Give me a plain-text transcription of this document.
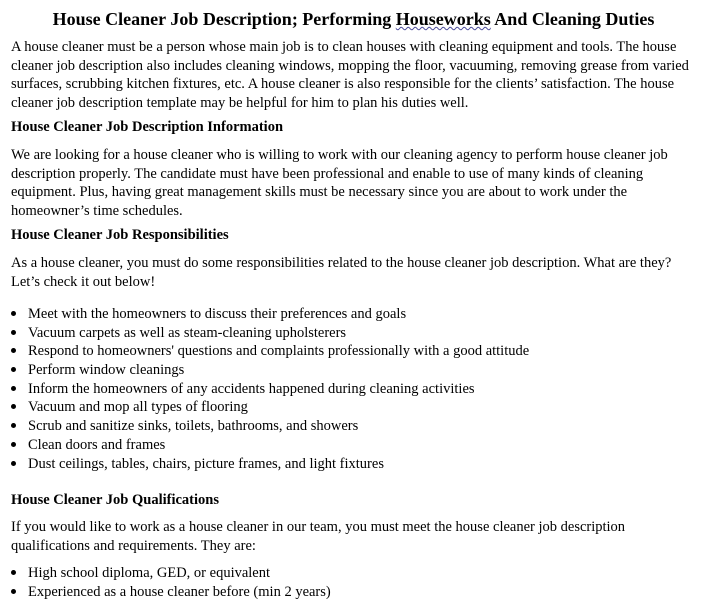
House Cleaner Job Description; Performing Houseworks And Cleaning Duties

A house cleaner must be a person whose main job is to clean houses with cleaning equipment and tools. The house cleaner job description also includes cleaning windows, mopping the floor, vacuuming, removing grease from varied surfaces, scrubbing kitchen fixtures, etc. A house cleaner is also responsible for the clients’ satisfaction. The house cleaner job description template may be helpful for him to plan his duties well.

House Cleaner Job Description Information

We are looking for a house cleaner who is willing to work with our cleaning agency to perform house cleaner job description properly. The candidate must have been professional and enable to use of many kinds of cleaning equipment. Plus, having great management skills must be necessary since you are about to work under the homeowner’s time schedules.

House Cleaner Job Responsibilities

As a house cleaner, you must do some responsibilities related to the house cleaner job description. What are they? Let’s check it out below!

Meet with the homeowners to discuss their preferences and goals
Vacuum carpets as well as steam-cleaning upholsterers
Respond to homeowners' questions and complaints professionally with a good attitude
Perform window cleanings
Inform the homeowners of any accidents happened during cleaning activities
Vacuum and mop all types of flooring
Scrub and sanitize sinks, toilets, bathrooms, and showers
Clean doors and frames
Dust ceilings, tables, chairs, picture frames, and light fixtures
House Cleaner Job Qualifications

If you would like to work as a house cleaner in our team, you must meet the house cleaner job description qualifications and requirements. They are:

High school diploma, GED, or equivalent
Experienced as a house cleaner before (min 2 years)
